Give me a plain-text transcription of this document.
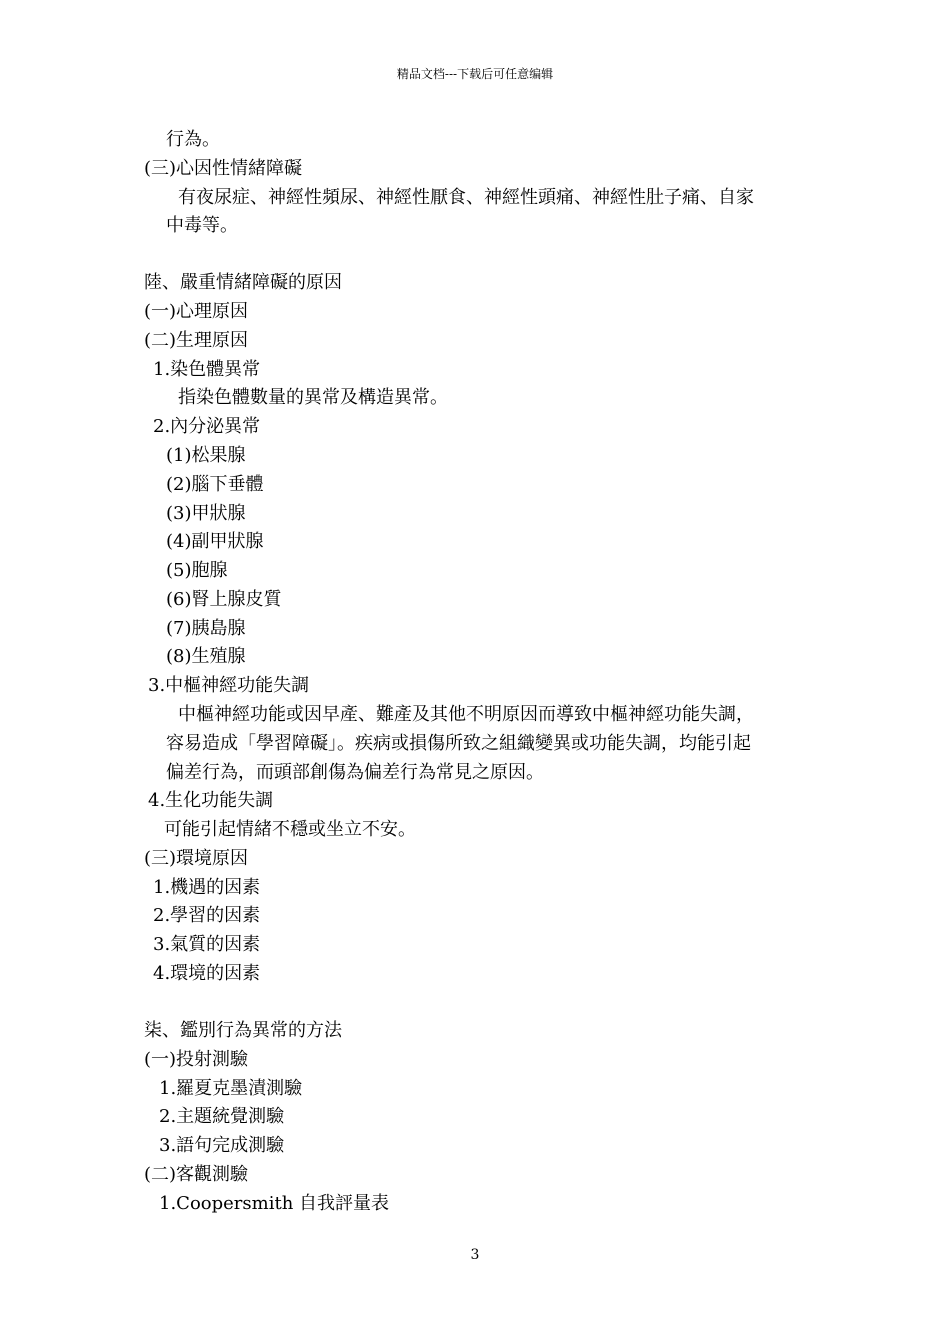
精品文档---下载后可任意编辑
行為。
(三)心因性情緒障礙
有夜尿症、神經性頻尿、神經性厭食、神經性頭痛、神經性肚子痛、自家
中毒等。
陸、嚴重情緒障礙的原因
(一)心理原因
(二)生理原因
1.染色體異常
指染色體數量的異常及構造異常。
2.內分泌異常
(1)松果腺
(2)腦下垂體
(3)甲狀腺
(4)副甲狀腺
(5)胞腺
(6)腎上腺皮質
(7)胰島腺
(8)生殖腺
3.中樞神經功能失調
中樞神經功能或因早產、難產及其他不明原因而導致中樞神經功能失調，
容易造成「學習障礙」。疾病或損傷所致之組織變異或功能失調，均能引起
偏差行為，而頭部創傷為偏差行為常見之原因。
4.生化功能失調
可能引起情緒不穩或坐立不安。
(三)環境原因
1.機遇的因素
2.學習的因素
3.氣質的因素
4.環境的因素
柒、鑑別行為異常的方法
(一)投射測驗
1.羅夏克墨漬測驗
2.主題統覺測驗
3.語句完成測驗
(二)客觀測驗
1.Coopersmith 自我評量表
3
